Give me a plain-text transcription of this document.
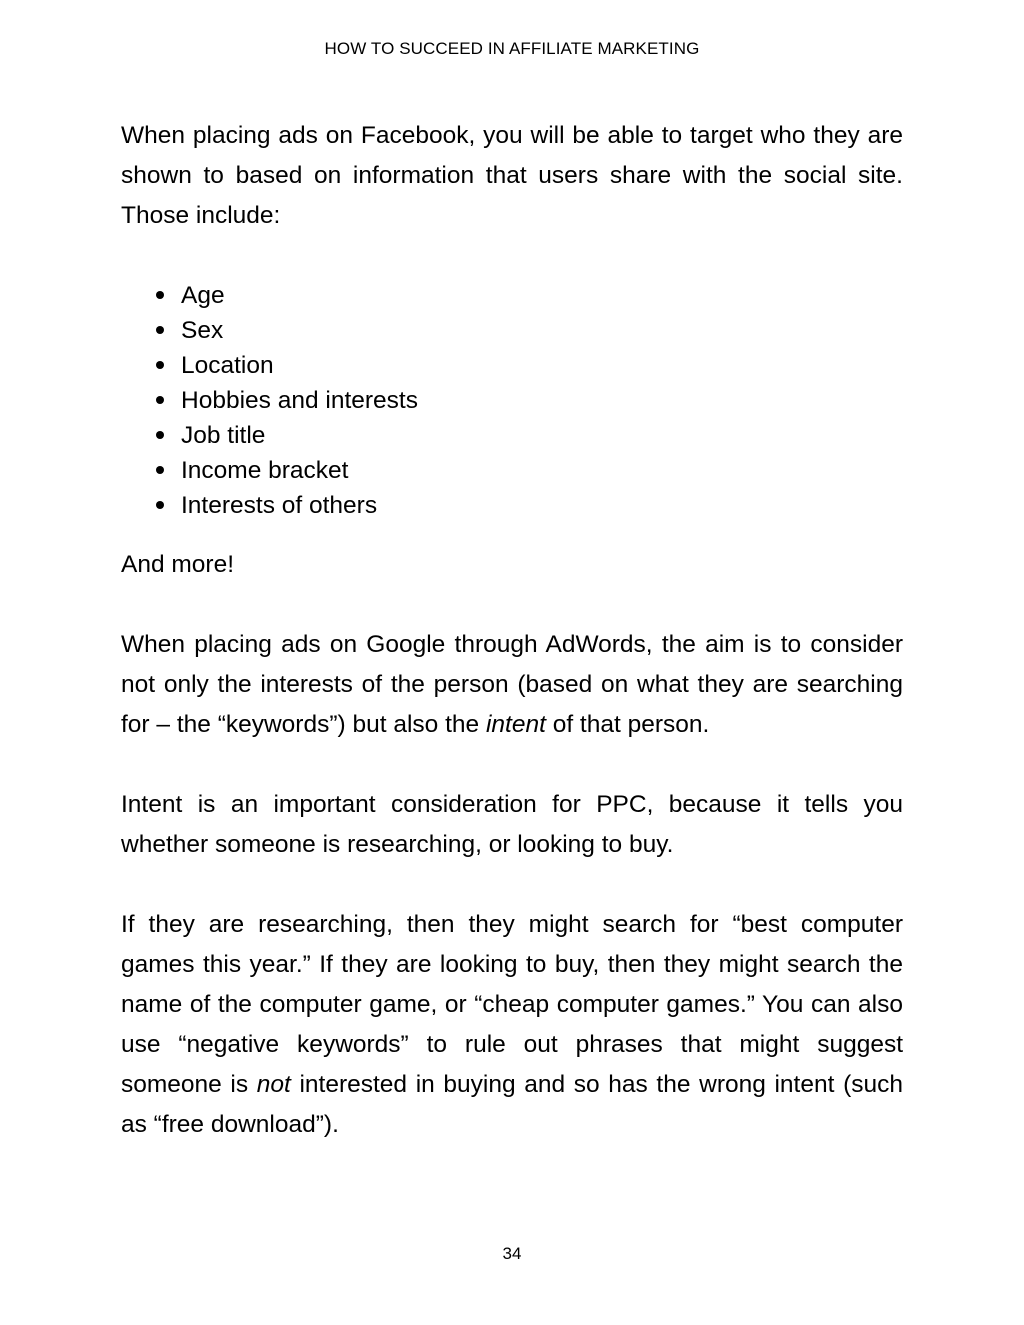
HOW TO SUCCEED IN AFFILIATE MARKETING

When placing ads on Facebook, you will be able to target who they are shown to based on information that users share with the social site. Those include:

Age
Sex
Location
Hobbies and interests
Job title
Income bracket
Interests of others

And more!

When placing ads on Google through AdWords, the aim is to consider not only the interests of the person (based on what they are searching for – the “keywords”) but also the intent of that person.

Intent is an important consideration for PPC, because it tells you whether someone is researching, or looking to buy.

If they are researching, then they might search for “best computer games this year.” If they are looking to buy, then they might search the name of the computer game, or “cheap computer games.” You can also use “negative keywords” to rule out phrases that might suggest someone is not interested in buying and so has the wrong intent (such as “free download”).

34
